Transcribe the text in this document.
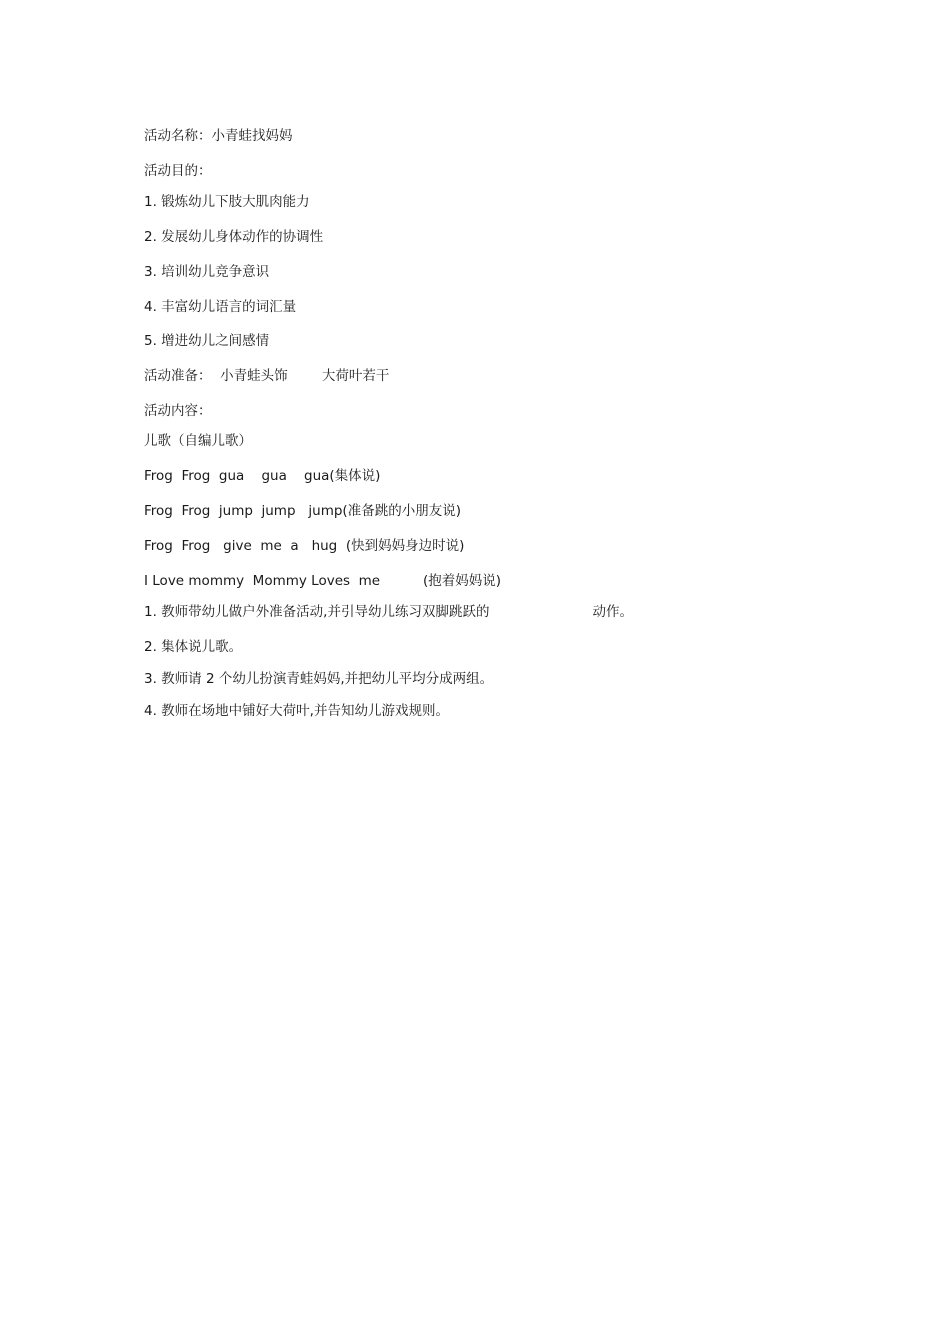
活动名称：小青蛙找妈妈

活动目的：

1. 锻炼幼儿下肢大肌肉能力

2. 发展幼儿身体动作的协调性

3. 培训幼儿竞争意识

4. 丰富幼儿语言的词汇量

5. 增进幼儿之间感情

活动准备：  小青蛙头饰        大荷叶若干

活动内容：

儿歌（自编儿歌）

Frog  Frog  gua    gua    gua(集体说)

Frog  Frog  jump  jump   jump(准备跳的小朋友说)

Frog  Frog   give  me  a   hug  (快到妈妈身边时说)

I Love mommy  Mommy Loves  me          (抱着妈妈说)

1. 教师带幼儿做户外准备活动,并引导幼儿练习双脚跳跃的                        动作。

2. 集体说儿歌。

3. 教师请 2 个幼儿扮演青蛙妈妈,并把幼儿平均分成两组。

4. 教师在场地中铺好大荷叶,并告知幼儿游戏规则。
